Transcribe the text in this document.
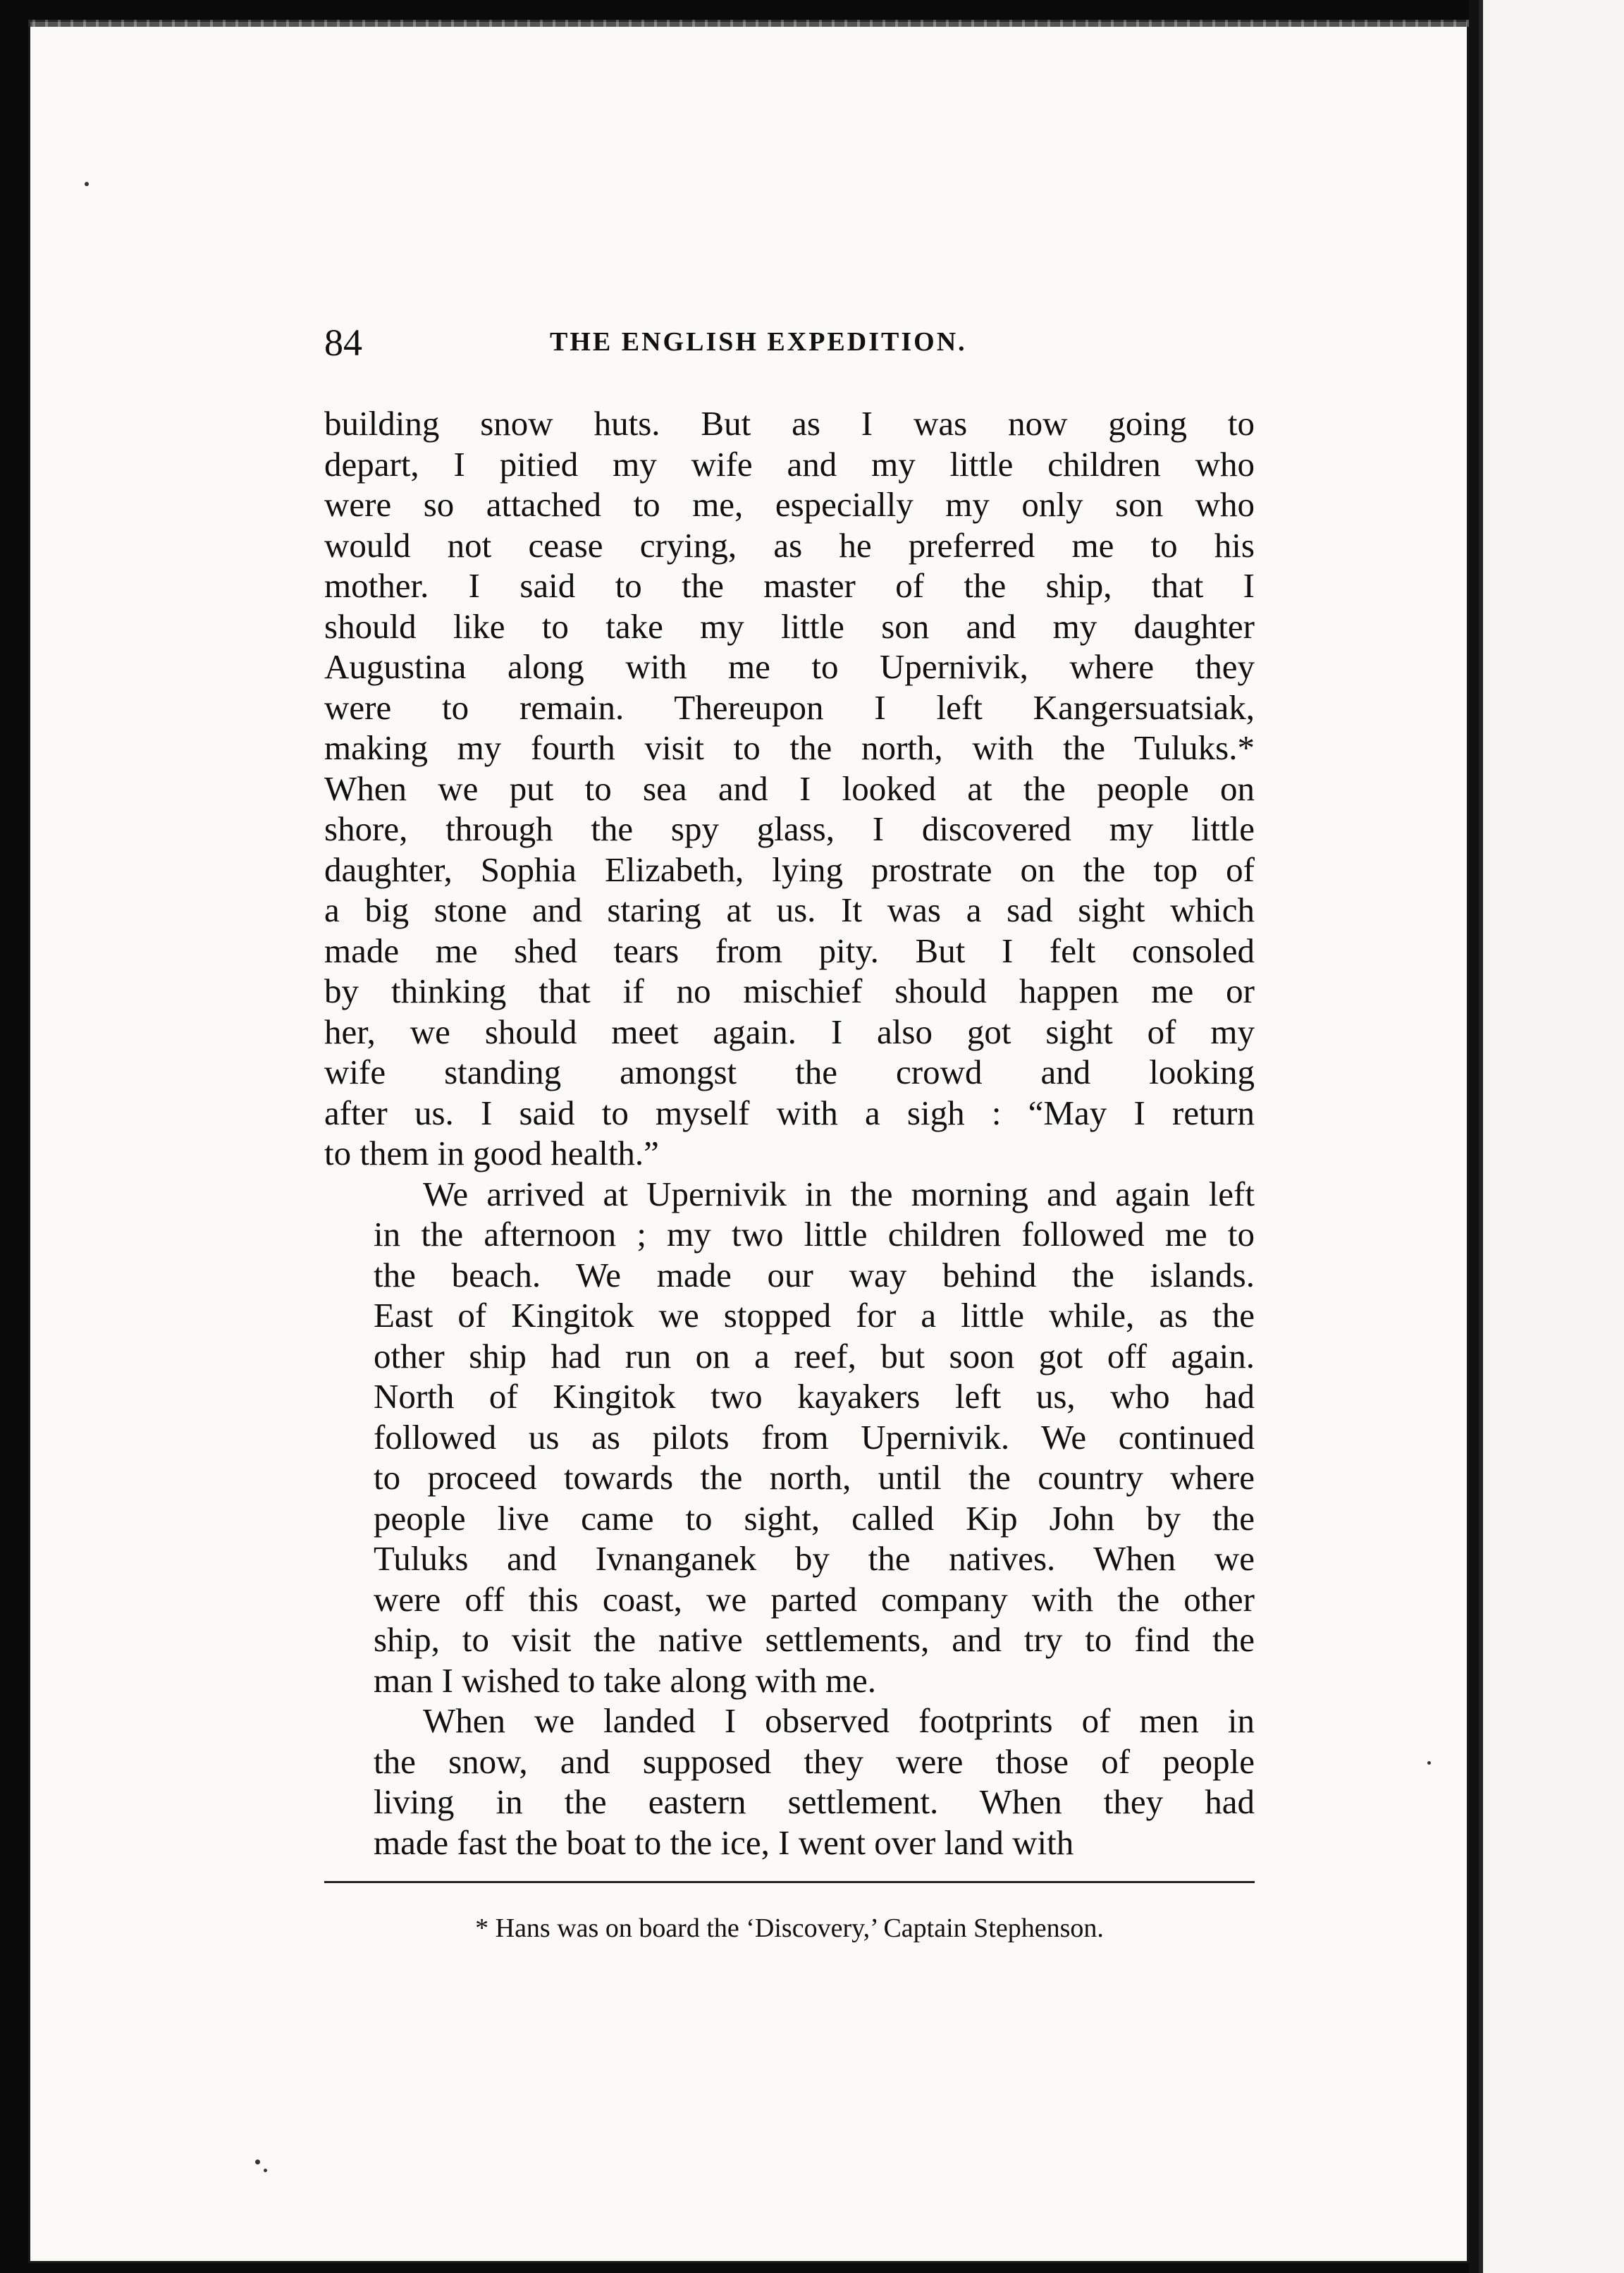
84	THE ENGLISH EXPEDITION.
building snow huts. But as I was now going to
depart, I pitied my wife and my little children who
were so attached to me, especially my only son who
would not cease crying, as he preferred me to his
mother. I said to the master of the ship, that I
should like to take my little son and my daughter
Augustina along with me to Upernivik, where they
were to remain. Thereupon I left Kangersuatsiak,
making my fourth visit to the north, with the Tuluks.*
When we put to sea and I looked at the people on
shore, through the spy glass, I discovered my little
daughter, Sophia Elizabeth, lying prostrate on the top of
a big stone and staring at us. It was a sad sight which
made me shed tears from pity. But I felt consoled
by thinking that if no mischief should happen me or
her, we should meet again. I also got sight of my
wife standing amongst the crowd and looking
after us. I said to myself with a sigh : “May I return
to them in good health.”
We arrived at Upernivik in the morning and again left
in the afternoon ; my two little children followed me to
the beach. We made our way behind the islands.
East of Kingitok we stopped for a little while, as the
other ship had run on a reef, but soon got off again.
North of Kingitok two kayakers left us, who had
followed us as pilots from Upernivik. We continued
to proceed towards the north, until the country where
people live came to sight, called Kip John by the
Tuluks and Ivnanganek by the natives. When we
were off this coast, we parted company with the other
ship, to visit the native settlements, and try to find the
man I wished to take along with me.
When we landed I observed footprints of men in
the snow, and supposed they were those of people
living in the eastern settlement. When they had
made fast the boat to the ice, I went over land with
* Hans was on board the ‘Discovery,’ Captain Stephenson.
